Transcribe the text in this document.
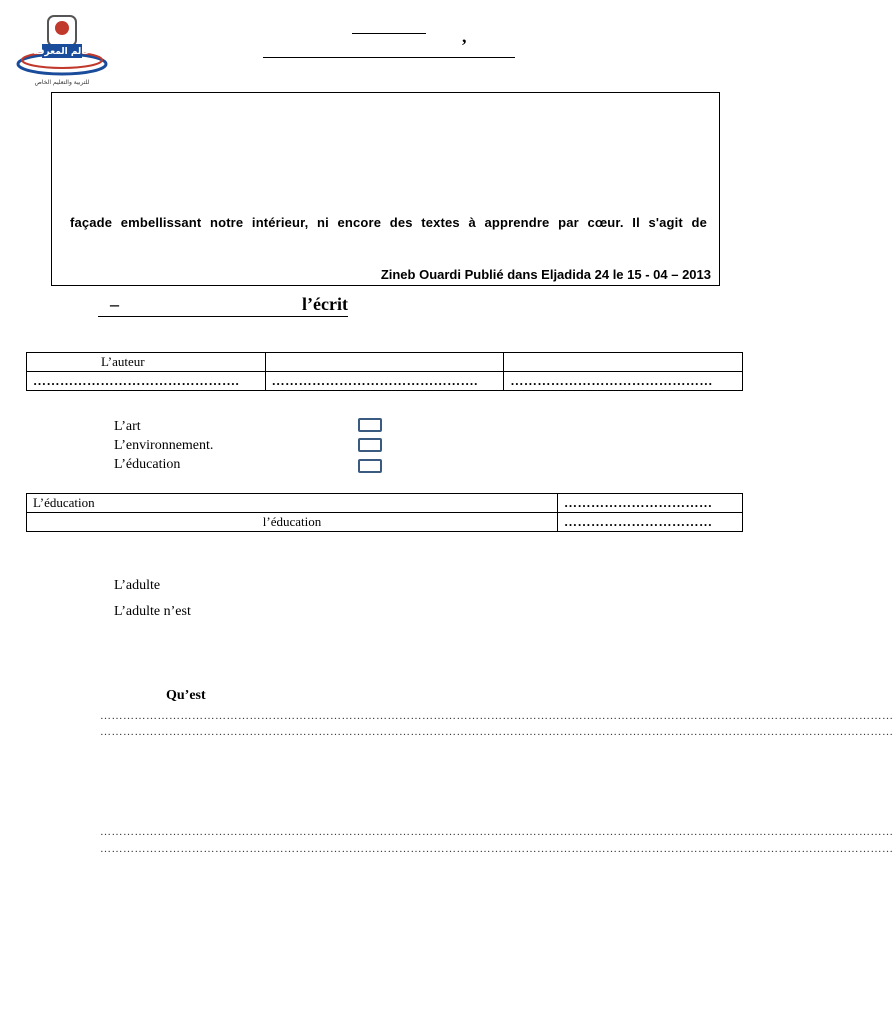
عالم المعرفة
للتربية والتعليم الخاص
,
façade embellissant notre intérieur, ni encore des textes à apprendre par cœur. Il s'agit de
Zineb Ouardi Publié dans Eljadida 24 le 15 - 04 – 2013
–	l’écrit
L’auteur		
……………………………………….	……………………………………….	………………………………………
L’art
L’environnement.
L’éducation
L’éducation	……………………………
l’éducation	……………………………
L’adulte
L’adulte n’est
Qu’est
………………………………………………………………………………………………………………………………………………………………………………………
………………………………………………………………………………………………………………………………………………………………………………………
………………………………………………………………………………………………………………………………………………………………………………………
………………………………………………………………………………………………………………………………………………………………………………………
